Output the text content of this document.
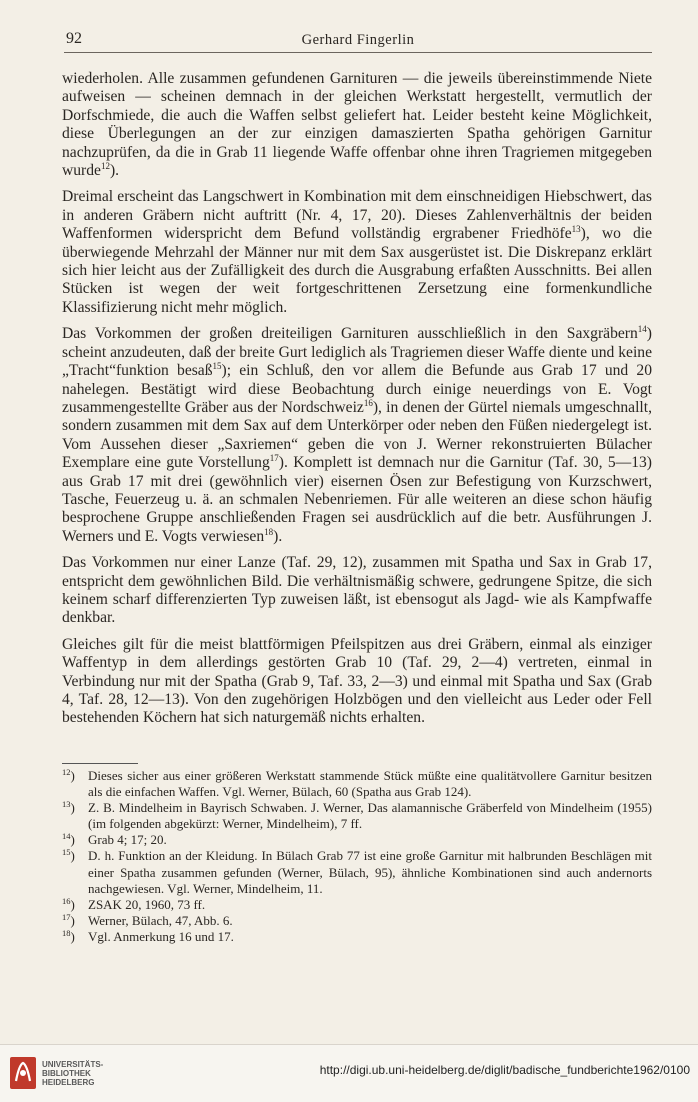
92	Gerhard Fingerlin

wiederholen. Alle zusammen gefundenen Garnituren — die jeweils übereinstimmende Niete aufweisen — scheinen demnach in der gleichen Werkstatt hergestellt, vermutlich der Dorfschmiede, die auch die Waffen selbst geliefert hat. Leider besteht keine Möglichkeit, diese Überlegungen an der zur einzigen damaszierten Spatha gehörigen Garnitur nachzuprüfen, da die in Grab 11 liegende Waffe offenbar ohne ihren Tragriemen mitgegeben wurde$^{12}$).

Dreimal erscheint das Langschwert in Kombination mit dem einschneidigen Hiebschwert, das in anderen Gräbern nicht auftritt (Nr. 4, 17, 20). Dieses Zahlenverhältnis der beiden Waffenformen widerspricht dem Befund vollständig ergrabener Friedhöfe$^{13}$), wo die überwiegende Mehrzahl der Männer nur mit dem Sax ausgerüstet ist. Die Diskrepanz erklärt sich hier leicht aus der Zufälligkeit des durch die Ausgrabung erfaßten Ausschnitts. Bei allen Stücken ist wegen der weit fortgeschrittenen Zersetzung eine formenkundliche Klassifizierung nicht mehr möglich.

Das Vorkommen der großen dreiteiligen Garnituren ausschließlich in den Saxgräbern$^{14}$) scheint anzudeuten, daß der breite Gurt lediglich als Tragriemen dieser Waffe diente und keine „Tracht“funktion besaß$^{15}$); ein Schluß, den vor allem die Befunde aus Grab 17 und 20 nahelegen. Bestätigt wird diese Beobachtung durch einige neuerdings von E. Vogt zusammengestellte Gräber aus der Nordschweiz$^{16}$), in denen der Gürtel niemals umgeschnallt, sondern zusammen mit dem Sax auf dem Unterkörper oder neben den Füßen niedergelegt ist. Vom Aussehen dieser „Saxriemen“ geben die von J. Werner rekonstruierten Bülacher Exemplare eine gute Vorstellung$^{17}$). Komplett ist demnach nur die Garnitur (Taf. 30, 5—13) aus Grab 17 mit drei (gewöhnlich vier) eisernen Ösen zur Befestigung von Kurzschwert, Tasche, Feuerzeug u. ä. an schmalen Nebenriemen. Für alle weiteren an diese schon häufig besprochene Gruppe anschließenden Fragen sei ausdrücklich auf die betr. Ausführungen J. Werners und E. Vogts verwiesen$^{18}$).

Das Vorkommen nur einer Lanze (Taf. 29, 12), zusammen mit Spatha und Sax in Grab 17, entspricht dem gewöhnlichen Bild. Die verhältnismäßig schwere, gedrungene Spitze, die sich keinem scharf differenzierten Typ zuweisen läßt, ist ebensogut als Jagd- wie als Kampfwaffe denkbar.

Gleiches gilt für die meist blattförmigen Pfeilspitzen aus drei Gräbern, einmal als einziger Waffentyp in dem allerdings gestörten Grab 10 (Taf. 29, 2—4) vertreten, einmal in Verbindung nur mit der Spatha (Grab 9, Taf. 33, 2—3) und einmal mit Spatha und Sax (Grab 4, Taf. 28, 12—13). Von den zugehörigen Holzbögen und den vielleicht aus Leder oder Fell bestehenden Köchern hat sich naturgemäß nichts erhalten.

$^{12}$)	Dieses sicher aus einer größeren Werkstatt stammende Stück müßte eine qualitätvollere Garnitur besitzen als die einfachen Waffen. Vgl. Werner, Bülach, 60 (Spatha aus Grab 124).

$^{13}$)	Z. B. Mindelheim in Bayrisch Schwaben. J. Werner, Das alamannische Gräberfeld von Mindelheim (1955) (im folgenden abgekürzt: Werner, Mindelheim), 7 ff.

$^{14}$)	Grab 4; 17; 20.

$^{15}$)	D. h. Funktion an der Kleidung. In Bülach Grab 77 ist eine große Garnitur mit halbrunden Beschlägen mit einer Spatha zusammen gefunden (Werner, Bülach, 95), ähnliche Kombinationen sind auch andernorts nachgewiesen. Vgl. Werner, Mindelheim, 11.

$^{16}$)	ZSAK 20, 1960, 73 ff.

$^{17}$)	Werner, Bülach, 47, Abb. 6.

$^{18}$)	Vgl. Anmerkung 16 und 17.

UNIVERSITÄTS-
BIBLIOTHEK
HEIDELBERG
http://digi.ub.uni-heidelberg.de/diglit/badische_fundberichte1962/0100
